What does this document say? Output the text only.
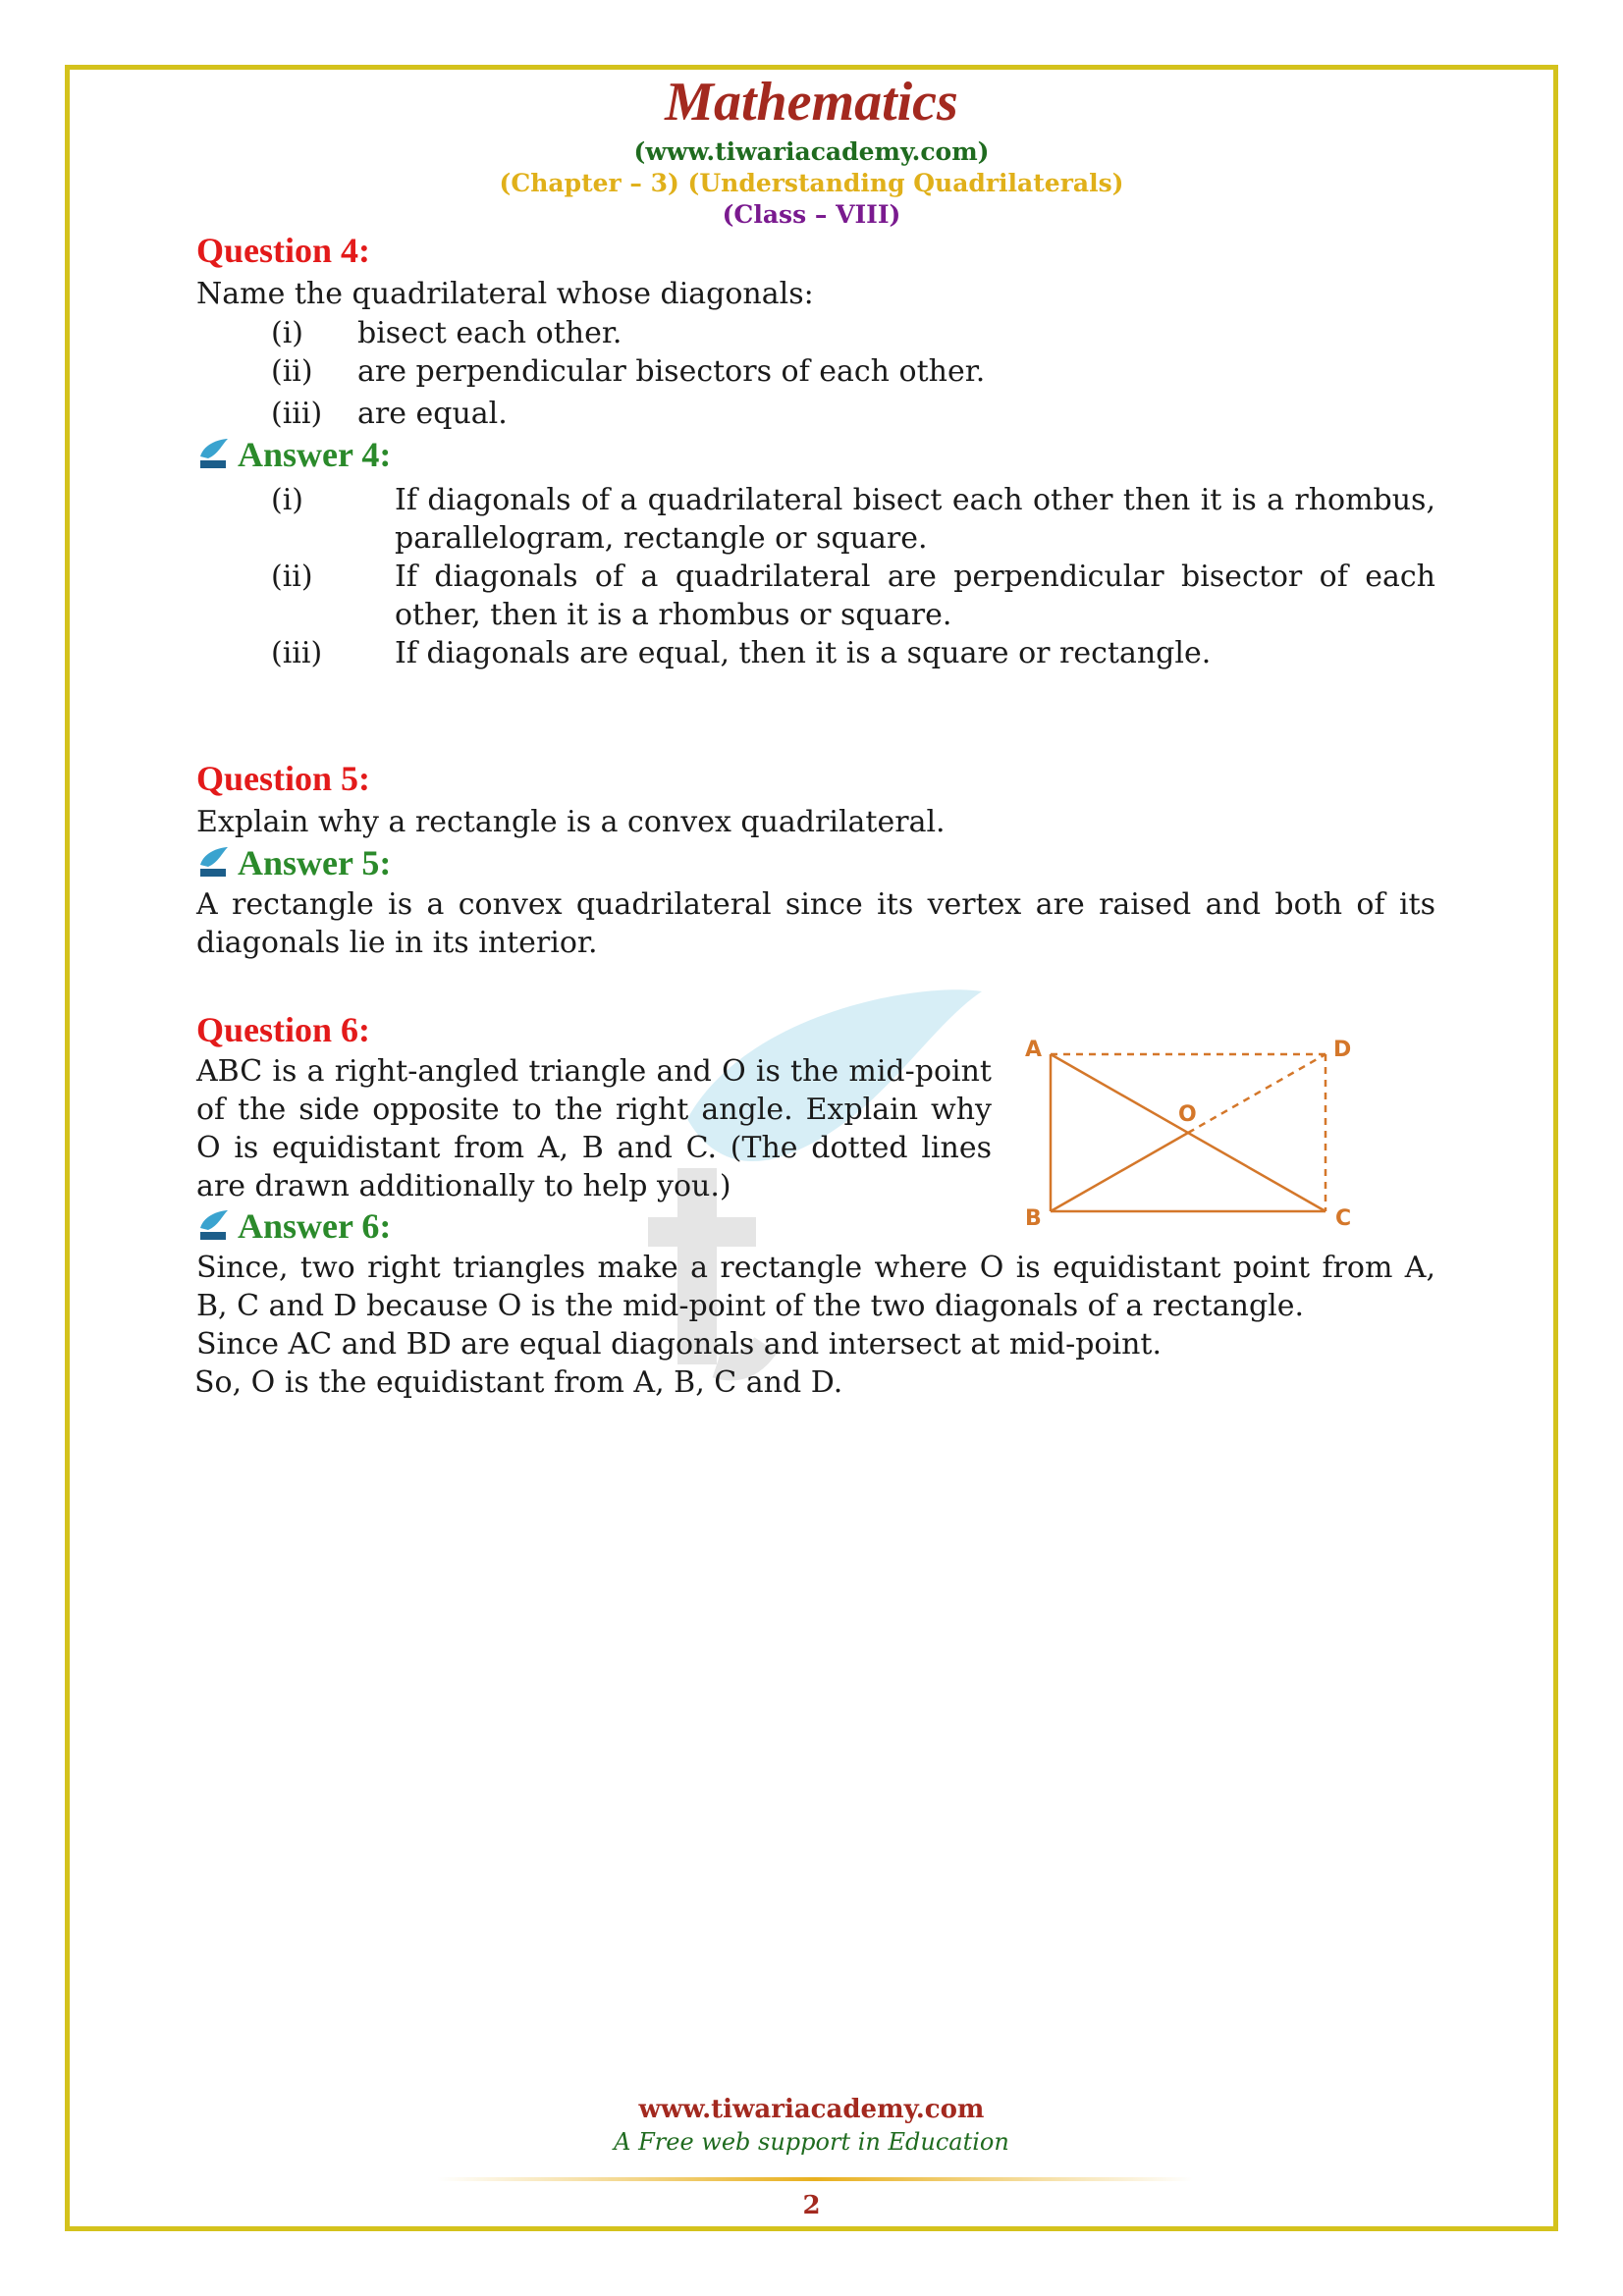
Mathematics
(www.tiwariacademy.com)
(Chapter – 3) (Understanding Quadrilaterals)
(Class – VIII)
Question 4:
Name the quadrilateral whose diagonals:
(i) bisect each other.
(ii) are perpendicular bisectors of each other.
(iii) are equal.
Answer 4:
(i)	If diagonals of a quadrilateral bisect each other then it is a rhombus, parallelogram, rectangle or square.
(ii)	If diagonals of a quadrilateral are perpendicular bisector of each other, then it is a rhombus or square.
(iii) If diagonals are equal, then it is a square or rectangle.
Question 5:
Explain why a rectangle is a convex quadrilateral.
Answer 5:
A rectangle is a convex quadrilateral since its vertex are raised and both of its diagonals lie in its interior.
Question 6:
ABC is a right-angled triangle and O is the mid-point of the side opposite to the right angle. Explain why O is equidistant from A, B and C. (The dotted lines are drawn additionally to help you.)
A	D
B	C
O
Answer 6:
Since, two right triangles make a rectangle where O is equidistant point from A, B, C and D because O is the mid-point of the two diagonals of a rectangle.
Since AC and BD are equal diagonals and intersect at mid-point.
So, O is the equidistant from A, B, C and D.
www.tiwariacademy.com
A Free web support in Education
2
